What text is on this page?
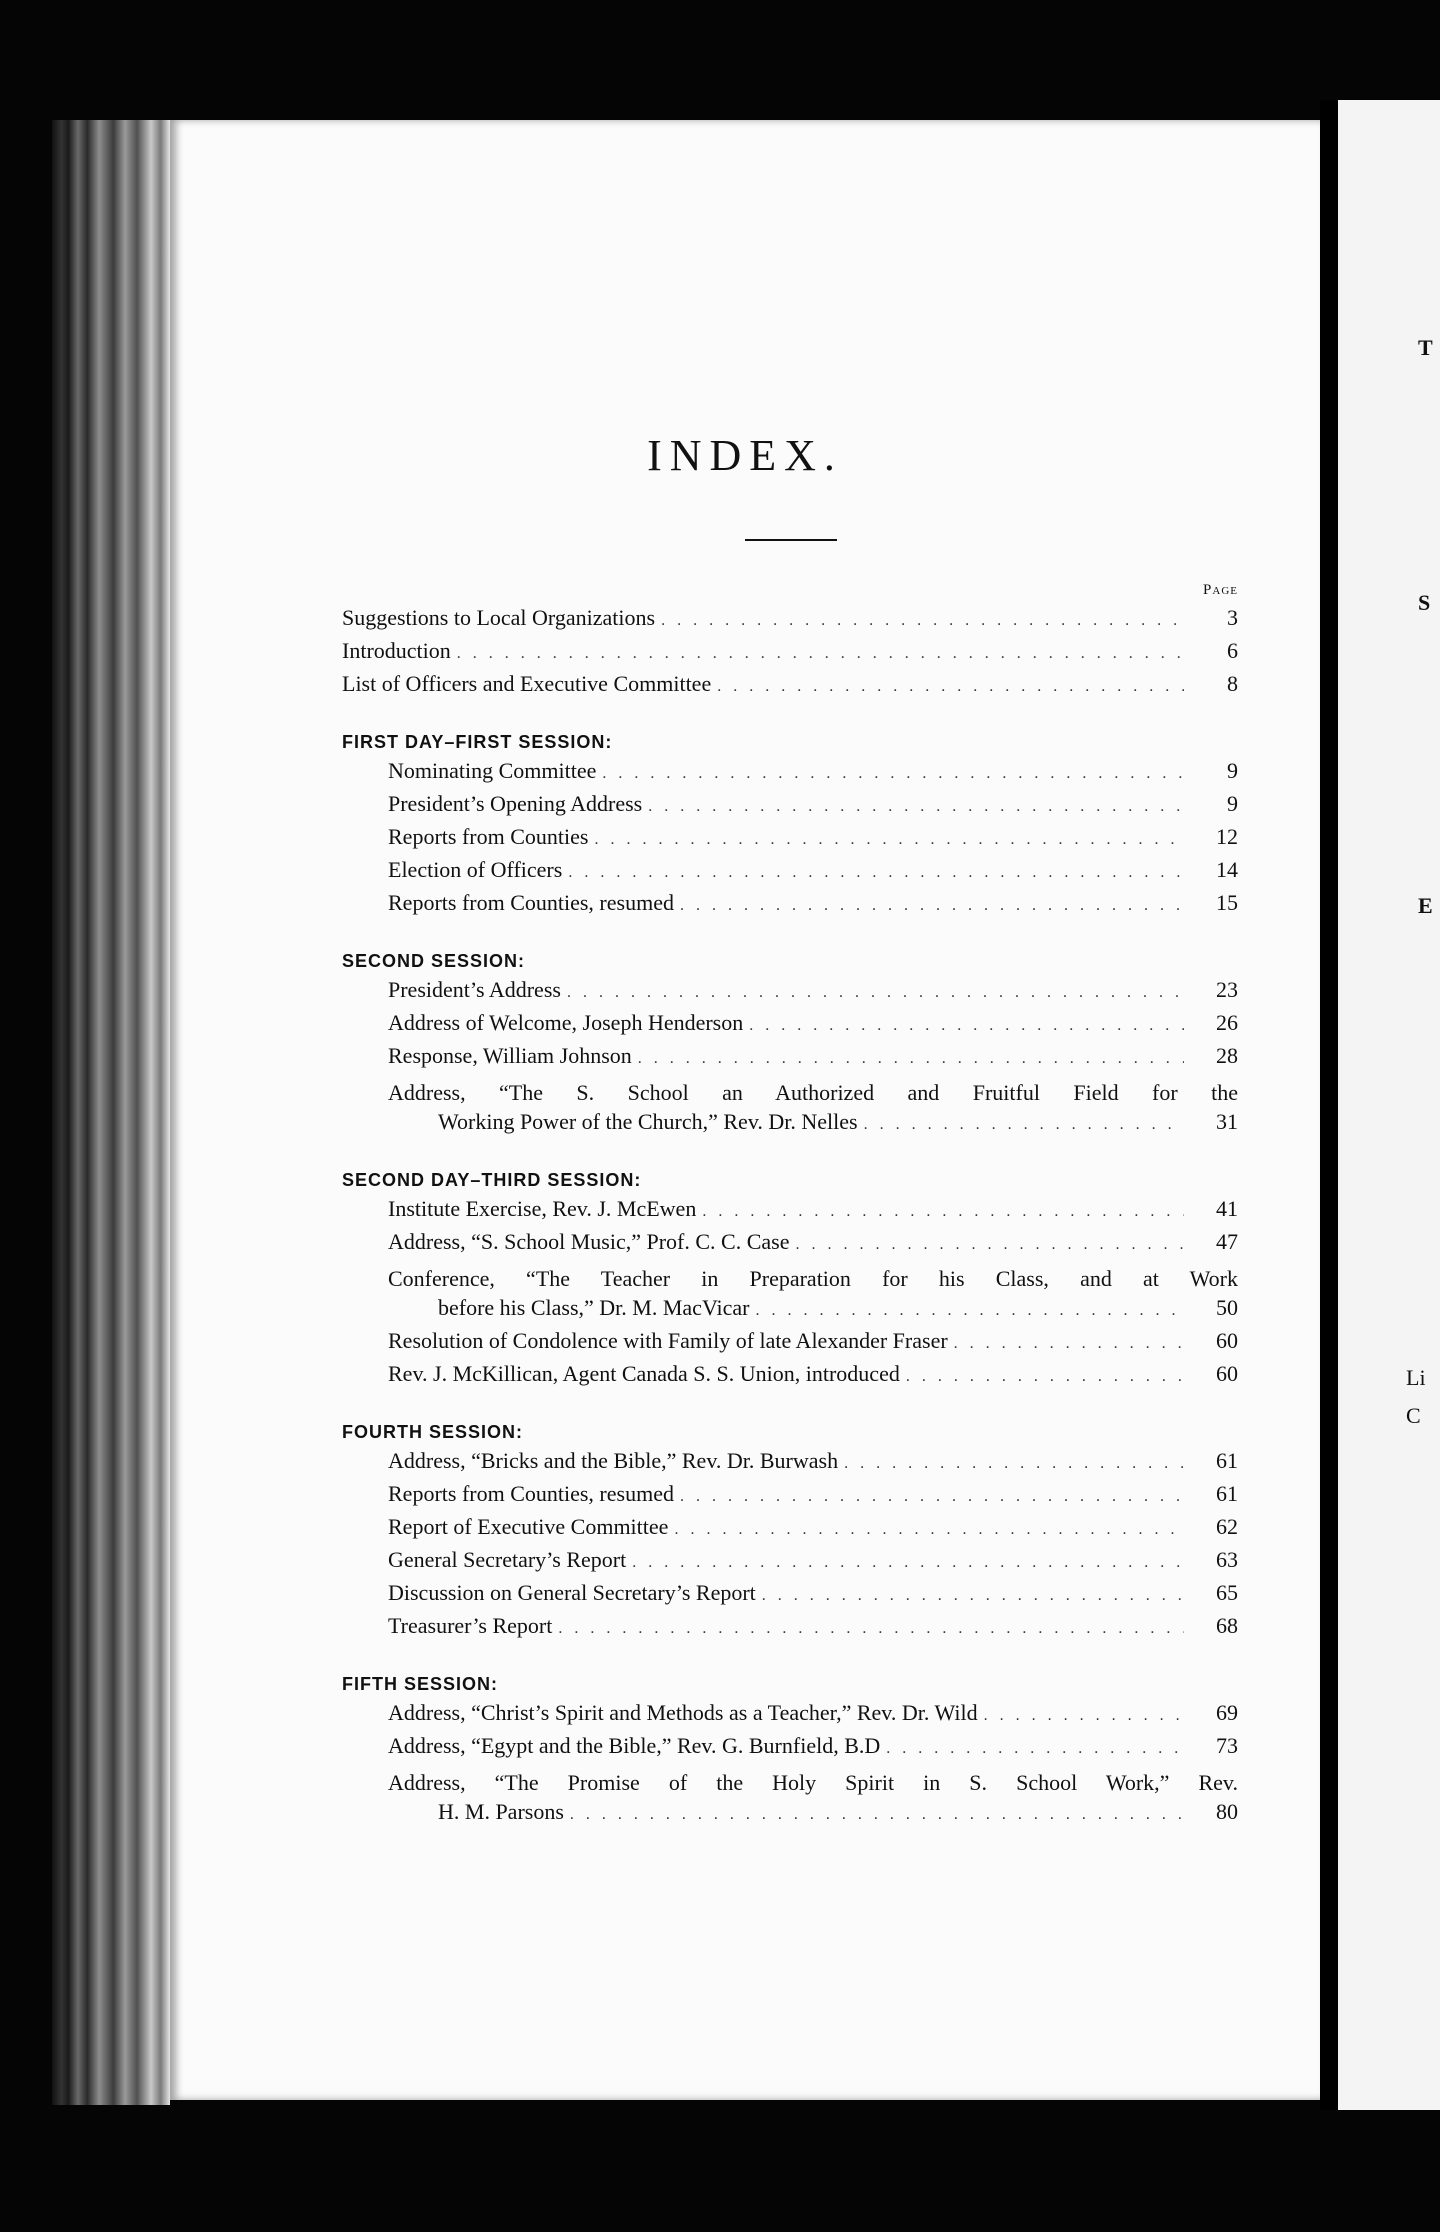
INDEX.
Page
Suggestions to Local Organizations . . .	3
Introduction . . .	6
List of Officers and Executive Committee . . .	8
FIRST DAY–FIRST SESSION:
Nominating Committee . . .	9
President’s Opening Address . . .	9
Reports from Counties . . .	12
Election of Officers . . .	14
Reports from Counties, resumed . . .	15
SECOND SESSION:
President’s Address . . .	23
Address of Welcome, Joseph Henderson . . .	26
Response, William Johnson . . .	28
Address, “The S. School an Authorized and Fruitful Field for the
Working Power of the Church,” Rev. Dr. Nelles . . .	31
SECOND DAY–THIRD SESSION:
Institute Exercise, Rev. J. McEwen . . .	41
Address, “S. School Music,” Prof. C. C. Case . . .	47
Conference, “The Teacher in Preparation for his Class, and at Work
before his Class,” Dr. M. MacVicar . . .	50
Resolution of Condolence with Family of late Alexander Fraser . . .	60
Rev. J. McKillican, Agent Canada S. S. Union, introduced . . .	60
FOURTH SESSION:
Address, “Bricks and the Bible,” Rev. Dr. Burwash . . .	61
Reports from Counties, resumed . . .	61
Report of Executive Committee . . .	62
General Secretary’s Report . . .	63
Discussion on General Secretary’s Report . . .	65
Treasurer’s Report . . .	68
FIFTH SESSION:
Address, “Christ’s Spirit and Methods as a Teacher,” Rev. Dr. Wild . . .	69
Address, “Egypt and the Bible,” Rev. G. Burnfield, B.D . . .	73
Address, “The Promise of the Holy Spirit in S. School Work,” Rev.
H. M. Parsons . . .	80
T
S
E
Li
C
